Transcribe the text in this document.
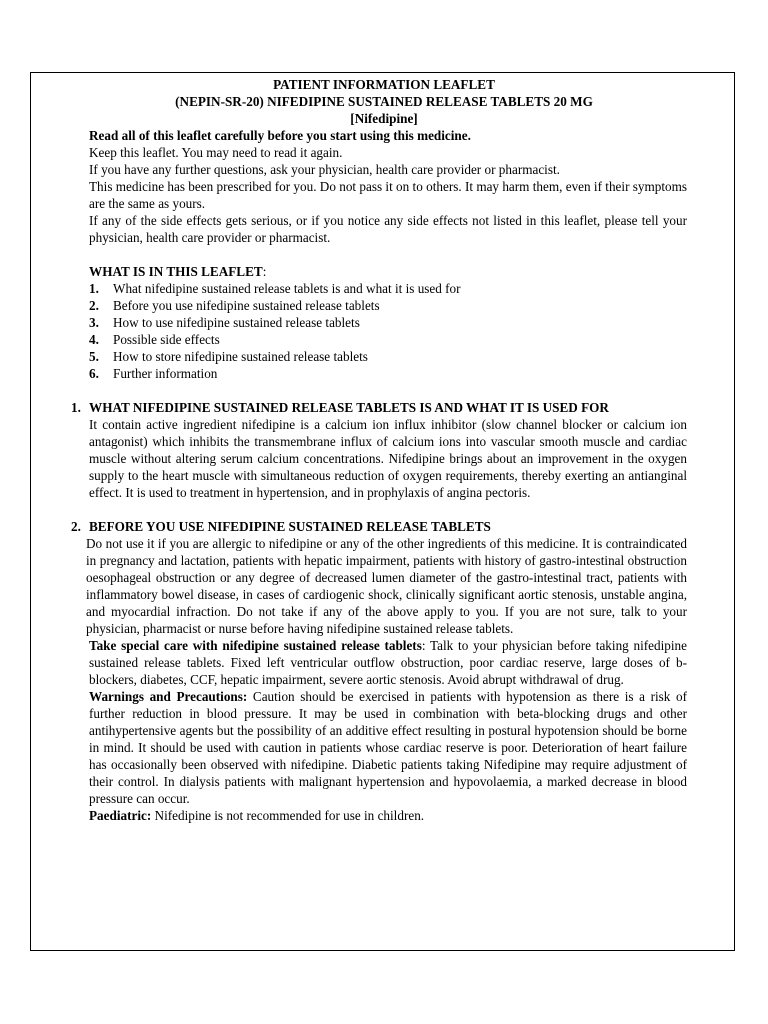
PATIENT INFORMATION LEAFLET

(NEPIN-SR-20) NIFEDIPINE SUSTAINED RELEASE TABLETS 20 MG

[Nifedipine]

Read all of this leaflet carefully before you start using this medicine.

Keep this leaflet. You may need to read it again.

If you have any further questions, ask your physician, health care provider or pharmacist.

This medicine has been prescribed for you. Do not pass it on to others. It may harm them, even if their symptoms are the same as yours.

If any of the side effects gets serious, or if you notice any side effects not listed in this leaflet, please tell your physician, health care provider or pharmacist.

WHAT IS IN THIS LEAFLET:

1. What nifedipine sustained release tablets is and what it is used for
2. Before you use nifedipine sustained release tablets
3. How to use nifedipine sustained release tablets
4. Possible side effects
5. How to store nifedipine sustained release tablets
6. Further information

1. WHAT NIFEDIPINE SUSTAINED RELEASE TABLETS IS AND WHAT IT IS USED FOR

It contain active ingredient nifedipine is a calcium ion influx inhibitor (slow channel blocker or calcium ion antagonist) which inhibits the transmembrane influx of calcium ions into vascular smooth muscle and cardiac muscle without altering serum calcium concentrations. Nifedipine brings about an improvement in the oxygen supply to the heart muscle with simultaneous reduction of oxygen requirements, thereby exerting an antianginal effect. It is used to treatment in hypertension, and in prophylaxis of angina pectoris.

2. BEFORE YOU USE NIFEDIPINE SUSTAINED RELEASE TABLETS

Do not use it if you are allergic to nifedipine or any of the other ingredients of this medicine. It is contraindicated in pregnancy and lactation, patients with hepatic impairment, patients with history of gastro-intestinal obstruction oesophageal obstruction or any degree of decreased lumen diameter of the gastro-intestinal tract, patients with inflammatory bowel disease, in cases of cardiogenic shock, clinically significant aortic stenosis, unstable angina, and myocardial infraction. Do not take if any of the above apply to you. If you are not sure, talk to your physician, pharmacist or nurse before having nifedipine sustained release tablets.

Take special care with nifedipine sustained release tablets: Talk to your physician before taking nifedipine sustained release tablets. Fixed left ventricular outflow obstruction, poor cardiac reserve, large doses of b-blockers, diabetes, CCF, hepatic impairment, severe aortic stenosis. Avoid abrupt withdrawal of drug.

Warnings and Precautions: Caution should be exercised in patients with hypotension as there is a risk of further reduction in blood pressure. It may be used in combination with beta-blocking drugs and other antihypertensive agents but the possibility of an additive effect resulting in postural hypotension should be borne in mind. It should be used with caution in patients whose cardiac reserve is poor. Deterioration of heart failure has occasionally been observed with nifedipine. Diabetic patients taking Nifedipine may require adjustment of their control. In dialysis patients with malignant hypertension and hypovolaemia, a marked decrease in blood pressure can occur.

Paediatric: Nifedipine is not recommended for use in children.
